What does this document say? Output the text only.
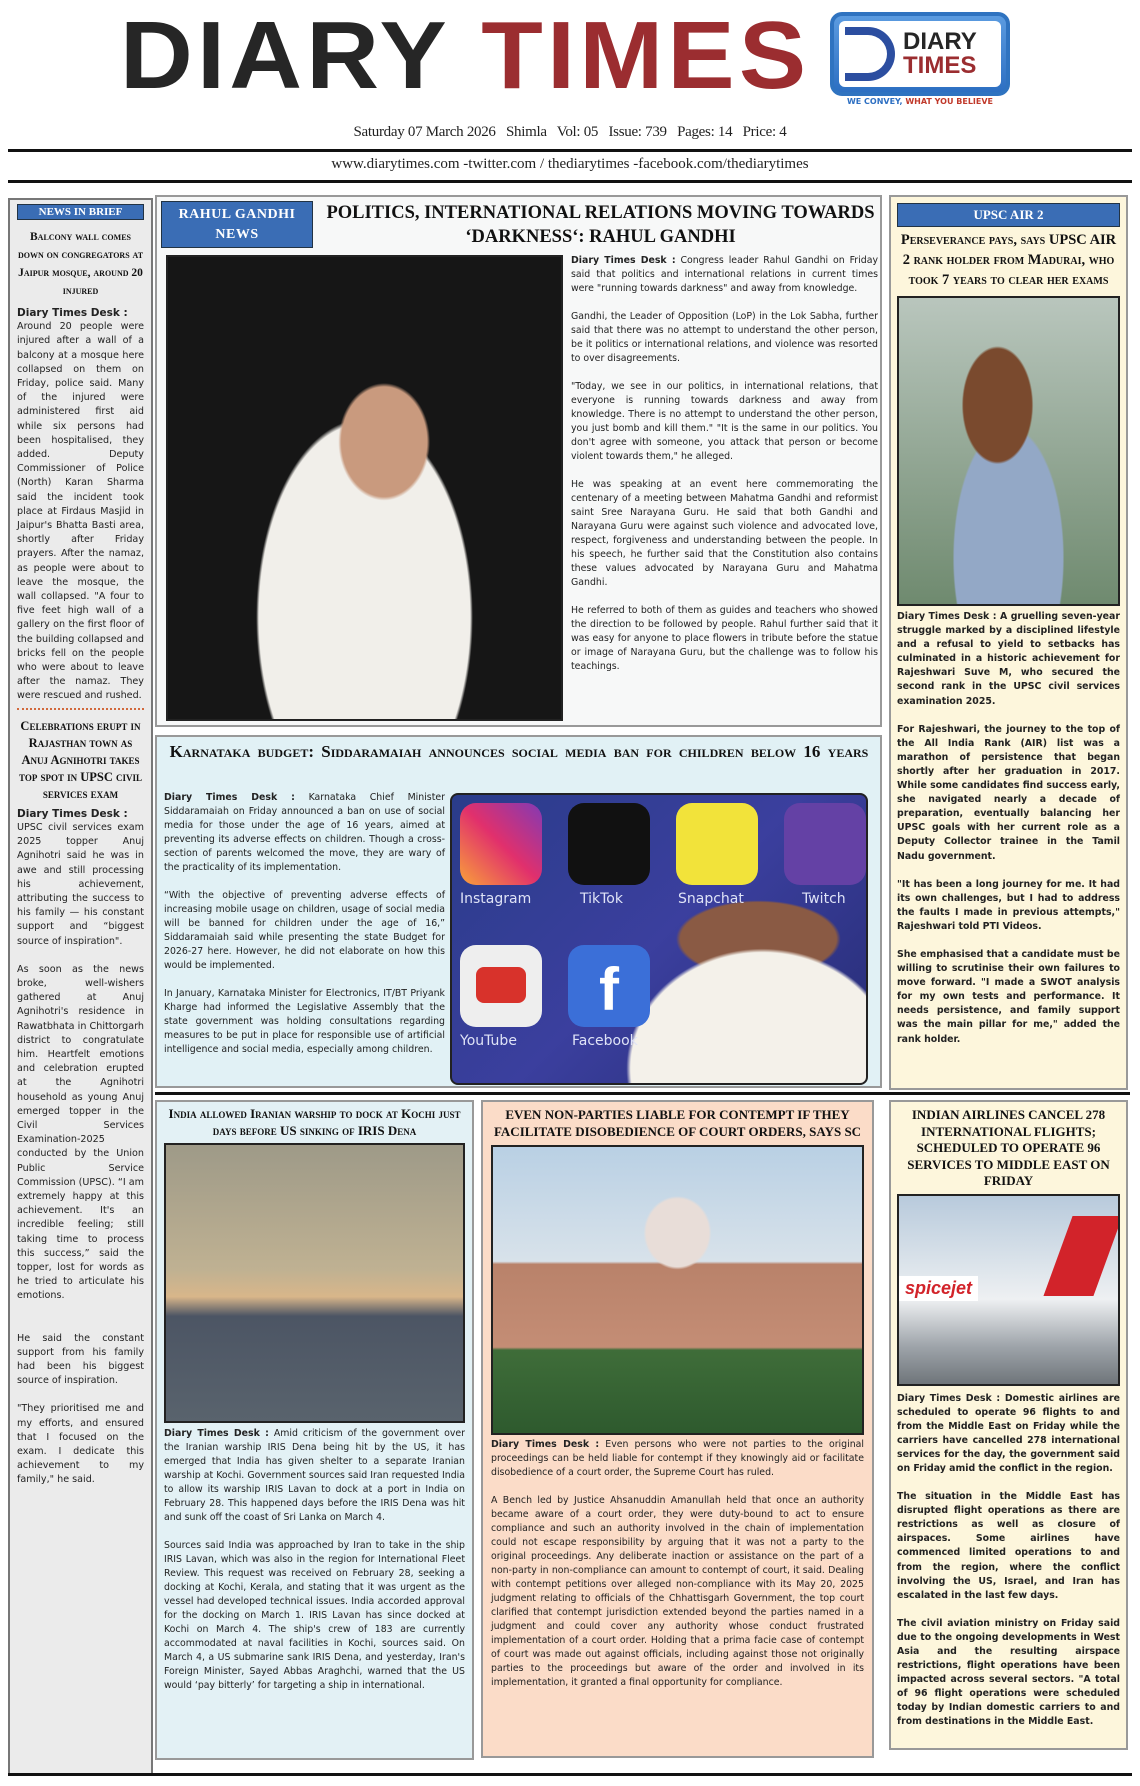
DIARY TIMES	DIARY
TIMES
WE CONVEY, WHAT YOU BELIEVE
Saturday 07 March 2026   Shimla   Vol: 05   Issue: 739   Pages: 14   Price: 4
www.diarytimes.com -twitter.com / thediarytimes -facebook.com/thediarytimes
NEWS IN BRIEF
Balcony wall comes down on congregators at Jaipur mosque, around 20 injured
Diary Times Desk :

Around 20 people were injured after a wall of a balcony at a mosque here collapsed on them on Friday, police said. Many of the injured were administered first aid while six persons had been hospitalised, they added. Deputy Commissioner of Police (North) Karan Sharma said the incident took place at Firdaus Masjid in Jaipur's Bhatta Basti area, shortly after Friday prayers. After the namaz, as people were about to leave the mosque, the wall collapsed. "A four to five feet high wall of a gallery on the first floor of the building collapsed and bricks fell on the people who were about to leave after the namaz. They were rescued and rushed.

Celebrations erupt in Rajasthan town as Anuj Agnihotri takes top spot in UPSC civil services exam
Diary Times Desk :

UPSC civil services exam 2025 topper Anuj Agnihotri said he was in awe and still processing his achievement, attributing the success to his family — his constant support and “biggest source of inspiration".

As soon as the news broke, well-wishers gathered at Anuj Agnihotri's residence in Rawatbhata in Chittorgarh district to congratulate him. Heartfelt emotions and celebration erupted at the Agnihotri household as young Anuj emerged topper in the Civil Services Examination-2025 conducted by the Union Public Service Commission (UPSC). “I am extremely happy at this achievement. It's an incredible feeling; still taking time to process this success,” said the topper, lost for words as he tried to articulate his emotions.

He said the constant support from his family had been his biggest source of inspiration.

"They prioritised me and my efforts, and ensured that I focused on the exam. I dedicate this achievement to my family," he said.

RAHUL GANDHI NEWS
POLITICS, INTERNATIONAL RELATIONS MOVING TOWARDS ‘DARKNESS‘: RAHUL GANDHI

Diary Times Desk : Congress leader Rahul Gandhi on Friday said that politics and international relations in current times were "running towards darkness" and away from knowledge.

Gandhi, the Leader of Opposition (LoP) in the Lok Sabha, further said that there was no attempt to understand the other person, be it politics or international relations, and violence was resorted to over disagreements.

"Today, we see in our politics, in international relations, that everyone is running towards darkness and away from knowledge. There is no attempt to understand the other person, you just bomb and kill them." "It is the same in our politics. You don't agree with someone, you attack that person or become violent towards them," he alleged.

He was speaking at an event here commemorating the centenary of a meeting between Mahatma Gandhi and reformist saint Sree Narayana Guru. He said that both Gandhi and Narayana Guru were against such violence and advocated love, respect, forgiveness and understanding between the people. In his speech, he further said that the Constitution also contains these values advocated by Narayana Guru and Mahatma Gandhi.

He referred to both of them as guides and teachers who showed the direction to be followed by people. Rahul further said that it was easy for anyone to place flowers in tribute before the statue or image of Narayana Guru, but the challenge was to follow his teachings.

Karnataka budget: Siddaramaiah announces social media ban for children below 16 years

Diary Times Desk : Karnataka Chief Minister Siddaramaiah on Friday announced a ban on use of social media for those under the age of 16 years, aimed at preventing its adverse effects on children. Though a cross-section of parents welcomed the move, they are wary of the practicality of its implementation.

“With the objective of preventing adverse effects of increasing mobile usage on children, usage of social media will be banned for children under the age of 16,” Siddaramaiah said while presenting the state Budget for 2026-27 here. However, he did not elaborate on how this would be implemented.

In January, Karnataka Minister for Electronics, IT/BT Priyank Kharge had informed the Legislative Assembly that the state government was holding consultations regarding measures to be put in place for responsible use of artificial intelligence and social media, especially among children.

Instagram	TikTok	Snapchat	Twitch
YouTube
f
Facebook
UPSC AIR 2
Perseverance pays, says UPSC AIR 2 rank holder from Madurai, who took 7 years to clear her exams

Diary Times Desk : A gruelling seven-year struggle marked by a disciplined lifestyle and a refusal to yield to setbacks has culminated in a historic achievement for Rajeshwari Suve M, who secured the second rank in the UPSC civil services examination 2025.

For Rajeshwari, the journey to the top of the All India Rank (AIR) list was a marathon of persistence that began shortly after her graduation in 2017. While some candidates find success early, she navigated nearly a decade of preparation, eventually balancing her UPSC goals with her current role as a Deputy Collector trainee in the Tamil Nadu government.

"It has been a long journey for me. It had its own challenges, but I had to address the faults I made in previous attempts," Rajeshwari told PTI Videos.

She emphasised that a candidate must be willing to scrutinise their own failures to move forward. "I made a SWOT analysis for my own tests and performance. It needs persistence, and family support was the main pillar for me," added the rank holder.

India allowed Iranian warship to dock at Kochi just days before US sinking of IRIS Dena

Diary Times Desk : Amid criticism of the government over the Iranian warship IRIS Dena being hit by the US, it has emerged that India has given shelter to a separate Iranian warship at Kochi. Government sources said Iran requested India to allow its warship IRIS Lavan to dock at a port in India on February 28. This happened days before the IRIS Dena was hit and sunk off the coast of Sri Lanka on March 4.

Sources said India was approached by Iran to take in the ship IRIS Lavan, which was also in the region for International Fleet Review. This request was received on February 28, seeking a docking at Kochi, Kerala, and stating that it was urgent as the vessel had developed technical issues. India accorded approval for the docking on March 1. IRIS Lavan has since docked at Kochi on March 4. The ship's crew of 183 are currently accommodated at naval facilities in Kochi, sources said. On March 4, a US submarine sank IRIS Dena, and yesterday, Iran's Foreign Minister, Sayed Abbas Araghchi, warned that the US would ‘pay bitterly’ for targeting a ship in international.

EVEN NON-PARTIES LIABLE FOR CONTEMPT IF THEY FACILITATE DISOBEDIENCE OF COURT ORDERS, SAYS SC

Diary Times Desk : Even persons who were not parties to the original proceedings can be held liable for contempt if they knowingly aid or facilitate disobedience of a court order, the Supreme Court has ruled.

A Bench led by Justice Ahsanuddin Amanullah held that once an authority became aware of a court order, they were duty-bound to act to ensure compliance and such an authority involved in the chain of implementation could not escape responsibility by arguing that it was not a party to the original proceedings. Any deliberate inaction or assistance on the part of a non-party in non-compliance can amount to contempt of court, it said. Dealing with contempt petitions over alleged non-compliance with its May 20, 2025 judgment relating to officials of the Chhattisgarh Government, the top court clarified that contempt jurisdiction extended beyond the parties named in a judgment and could cover any authority whose conduct frustrated implementation of a court order. Holding that a prima facie case of contempt of court was made out against officials, including against those not originally parties to the proceedings but aware of the order and involved in its implementation, it granted a final opportunity for compliance.

INDIAN AIRLINES CANCEL 278 INTERNATIONAL FLIGHTS; SCHEDULED TO OPERATE 96 SERVICES TO MIDDLE EAST ON FRIDAY
spicejet

Diary Times Desk : Domestic airlines are scheduled to operate 96 flights to and from the Middle East on Friday while the carriers have cancelled 278 international services for the day, the government said on Friday amid the conflict in the region.

The situation in the Middle East has disrupted flight operations as there are restrictions as well as closure of airspaces. Some airlines have commenced limited operations to and from the region, where the conflict involving the US, Israel, and Iran has escalated in the last few days.

The civil aviation ministry on Friday said due to the ongoing developments in West Asia and the resulting airspace restrictions, flight operations have been impacted across several sectors. "A total of 96 flight operations were scheduled today by Indian domestic carriers to and from destinations in the Middle East.
